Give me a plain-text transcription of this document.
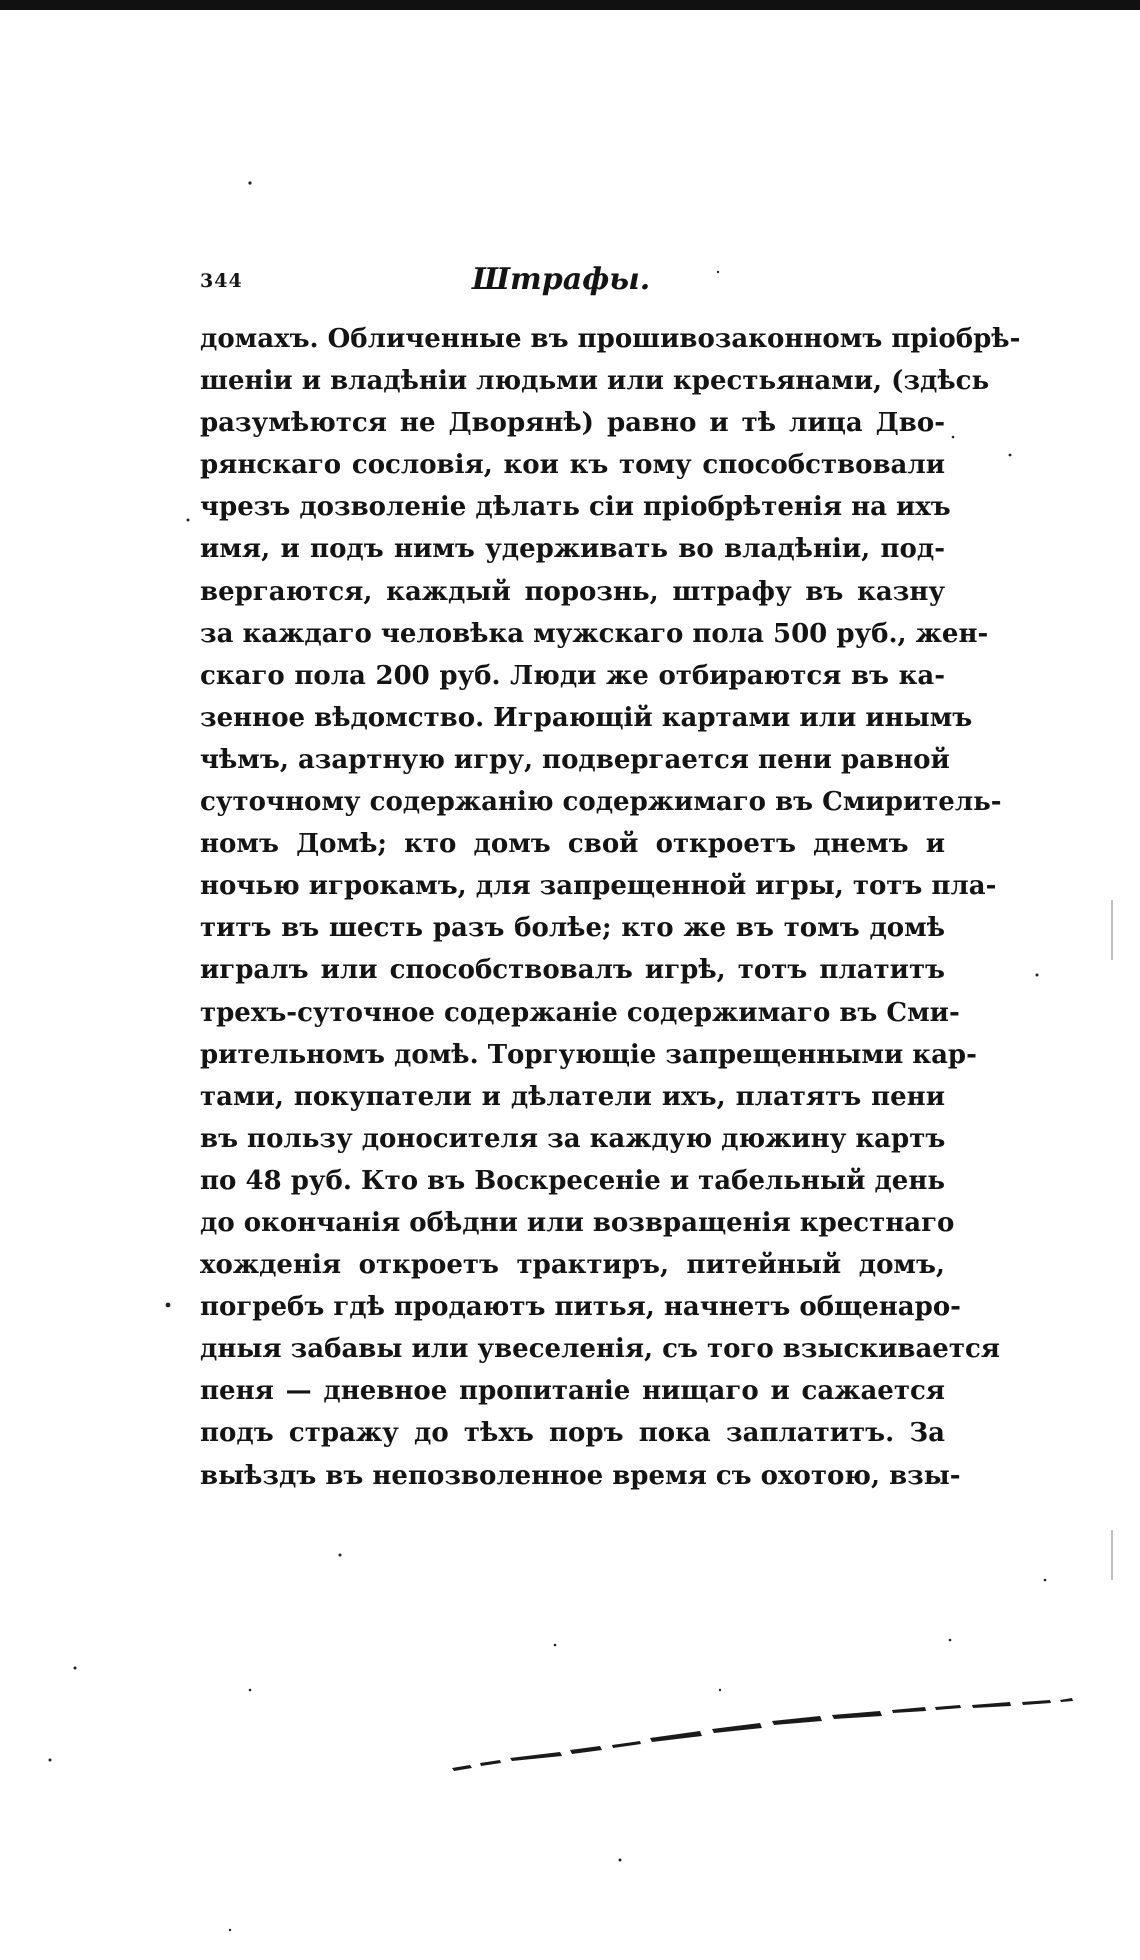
344	Штрафы.
домахъ. Обличенные въ прошивозаконномъ пріобрѣ-
шеніи и владѣніи людьми или крестьянами, (здѣсь
разумѣются не Дворянѣ) равно и тѣ лица Дво-
рянскаго сословія, кои къ тому способствовали
чрезъ дозволеніе дѣлать сіи пріобрѣтенія на ихъ
имя, и подъ нимъ удерживать во владѣніи, под-
вергаются, каждый порознь, штрафу въ казну
за каждаго человѣка мужскаго пола 500 руб., жен-
скаго пола 200 руб. Люди же отбираются въ ка-
зенное вѣдомство. Играющій картами или инымъ
чѣмъ, азартную игру, подвергается пени равной
суточному содержанію содержимаго въ Смиритель-
номъ Домѣ; кто домъ свой откроетъ днемъ и
ночью игрокамъ, для запрещенной игры, тотъ пла-
титъ въ шесть разъ болѣе; кто же въ томъ домѣ
игралъ или способствовалъ игрѣ, тотъ платитъ
трехъ-суточное содержаніе содержимаго въ Сми-
рительномъ домѣ. Торгующіе запрещенными кар-
тами, покупатели и дѣлатели ихъ, платятъ пени
въ пользу доносителя за каждую дюжину картъ
по 48 руб. Кто въ Воскресеніе и табельный день
до окончанія обѣдни или возвращенія крестнаго
хожденія откроетъ трактиръ, питейный домъ,
погребъ гдѣ продаютъ питья, начнетъ общенаро-
дныя забавы или увеселенія, съ того взыскивается
пеня — дневное пропитаніе нищаго и сажается
подъ стражу до тѣхъ поръ пока заплатитъ. За
выѣздъ въ непозволенное время съ охотою, взы-
